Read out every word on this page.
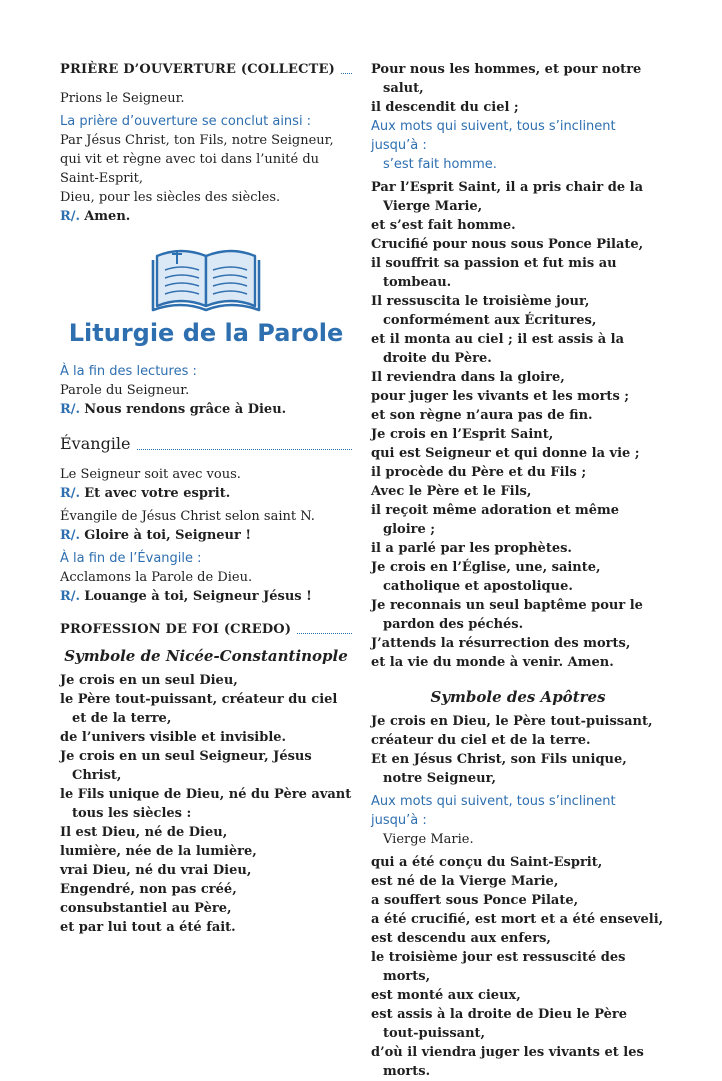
PRIÈRE D’OUVERTURE (COLLECTE)

Prions le Seigneur.

La prière d’ouverture se conclut ainsi :

Par Jésus Christ, ton Fils, notre Seigneur,

qui vit et règne avec toi dans l’unité du Saint-Esprit,

Dieu, pour les siècles des siècles.

R/. Amen.

Liturgie de la Parole

À la fin des lectures :

Parole du Seigneur.

R/. Nous rendons grâce à Dieu.

Évangile

Le Seigneur soit avec vous.

R/. Et avec votre esprit.

Évangile de Jésus Christ selon saint N.

R/. Gloire à toi, Seigneur !

À la fin de l’Évangile :

Acclamons la Parole de Dieu.

R/. Louange à toi, Seigneur Jésus !

PROFESSION DE FOI (CREDO)
Symbole de Nicée-Constantinople

Je crois en un seul Dieu,

le Père tout-puissant, créateur du ciel et de la terre,

de l’univers visible et invisible.

Je crois en un seul Seigneur, Jésus Christ,

le Fils unique de Dieu, né du Père avant tous les siècles :

Il est Dieu, né de Dieu,

lumière, née de la lumière,

vrai Dieu, né du vrai Dieu,

Engendré, non pas créé,

consubstantiel au Père,

et par lui tout a été fait.

Pour nous les hommes, et pour notre salut,

il descendit du ciel ;

Aux mots qui suivent, tous s’inclinent jusqu’à :

s’est fait homme.

Par l’Esprit Saint, il a pris chair de la Vierge Marie,

et s’est fait homme.

Crucifié pour nous sous Ponce Pilate,

il souffrit sa passion et fut mis au tombeau.

Il ressuscita le troisième jour, conformément aux Écritures,

et il monta au ciel ; il est assis à la droite du Père.

Il reviendra dans la gloire,

pour juger les vivants et les morts ;

et son règne n’aura pas de fin.

Je crois en l’Esprit Saint,

qui est Seigneur et qui donne la vie ;

il procède du Père et du Fils ;

Avec le Père et le Fils,

il reçoit même adoration et même gloire ;

il a parlé par les prophètes.

Je crois en l’Église, une, sainte, catholique et apostolique.

Je reconnais un seul baptême pour le pardon des péchés.

J’attends la résurrection des morts,

et la vie du monde à venir. Amen.

Symbole des Apôtres

Je crois en Dieu, le Père tout-puissant,

créateur du ciel et de la terre.

Et en Jésus Christ, son Fils unique, notre Seigneur,

Aux mots qui suivent, tous s’inclinent jusqu’à :

Vierge Marie.

qui a été conçu du Saint-Esprit,

est né de la Vierge Marie,

a souffert sous Ponce Pilate,

a été crucifié, est mort et a été enseveli,

est descendu aux enfers,

le troisième jour est ressuscité des morts,

est monté aux cieux,

est assis à la droite de Dieu le Père tout-puissant,

d’où il viendra juger les vivants et les morts.
